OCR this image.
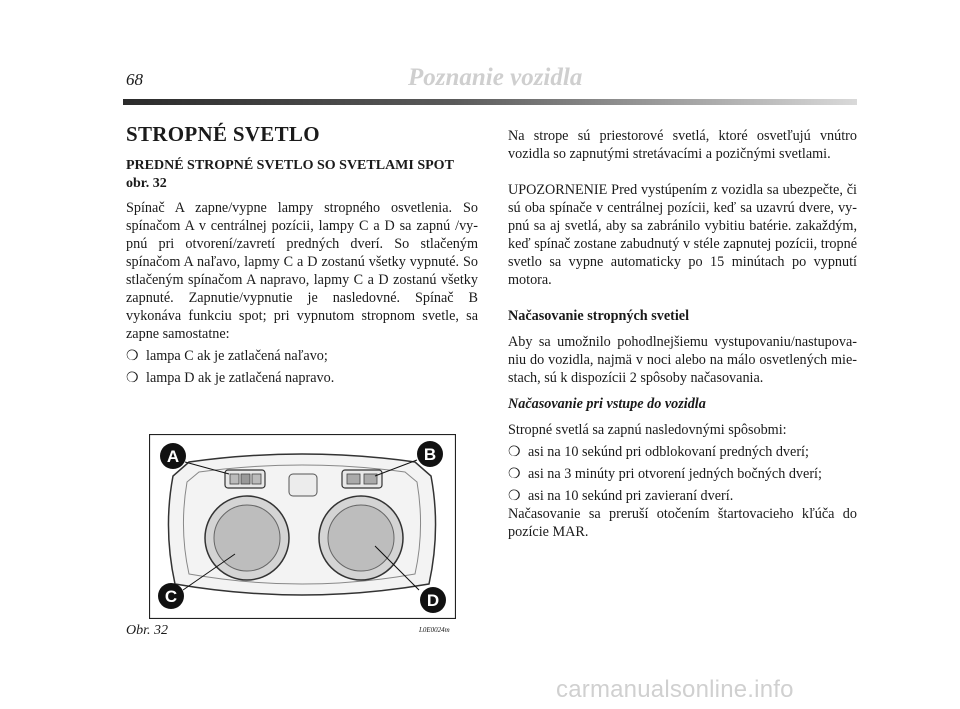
68	Poznanie vozidla
STROPNÉ SVETLO
PREDNÉ STROPNÉ SVETLO SO SVETLAMI SPOT
obr. 32

Spínač A zapne/vypne lampy stropného osvetlenia. So spínačom A v centrálnej pozícii, lampy C a D sa zapnú /vypnú pri otvorení/zavretí predných dverí. So stlačeným spínačom A naľavo, lapmy C a D zostanú všetky vypnuté. So stlačeným spínačom A napravo, lapmy C a D zostanú všetky zapnuté. Zapnutie/vypnutie je nasledovné. Spínač B vykonáva funkciu spot; pri vypnutom stropnom svetle, sa zapne samostatne:

❍ lampa C ak je zatlačená naľavo;
❍ lampa D ak je zatlačená napravo.
A	B
C	D
Obr. 32	L0E0024m

Na strope sú priestorové svetlá, ktoré osvetľujú vnútro vozidla so zapnutými stretávacími a pozičnými svetlami.

UPOZORNENIE Pred vystúpením z vozidla sa ubezpečte, či sú oba spínače v centrálnej pozícii, keď sa uzavrú dvere, vypnú sa aj svetlá, aby sa zabránilo vybitiu batérie. zakaždým, keď spínač zostane zabudnutý v stéle zapnutej pozícii, tropné svetlo sa vypne automaticky po 15 minútach po vypnutí motora.

Načasovanie stropných svetiel

Aby sa umožnilo pohodlnejšiemu vystupovaniu/nastupovaniu do vozidla, najmä v noci alebo na málo osvetlených miestach, sú k dispozícii 2 spôsoby načasovania.

Načasovanie pri vstupe do vozidla

Stropné svetlá sa zapnú nasledovnými spôsobmi:

❍ asi na 10 sekúnd pri odblokovaní predných dverí;
❍ asi na 3 minúty pri otvorení jedných bočných dverí;
❍ asi na 10 sekúnd pri zavieraní dverí.

Načasovanie sa preruší otočením štartovacieho kľúča do pozície MAR.

carmanualsonline.info
